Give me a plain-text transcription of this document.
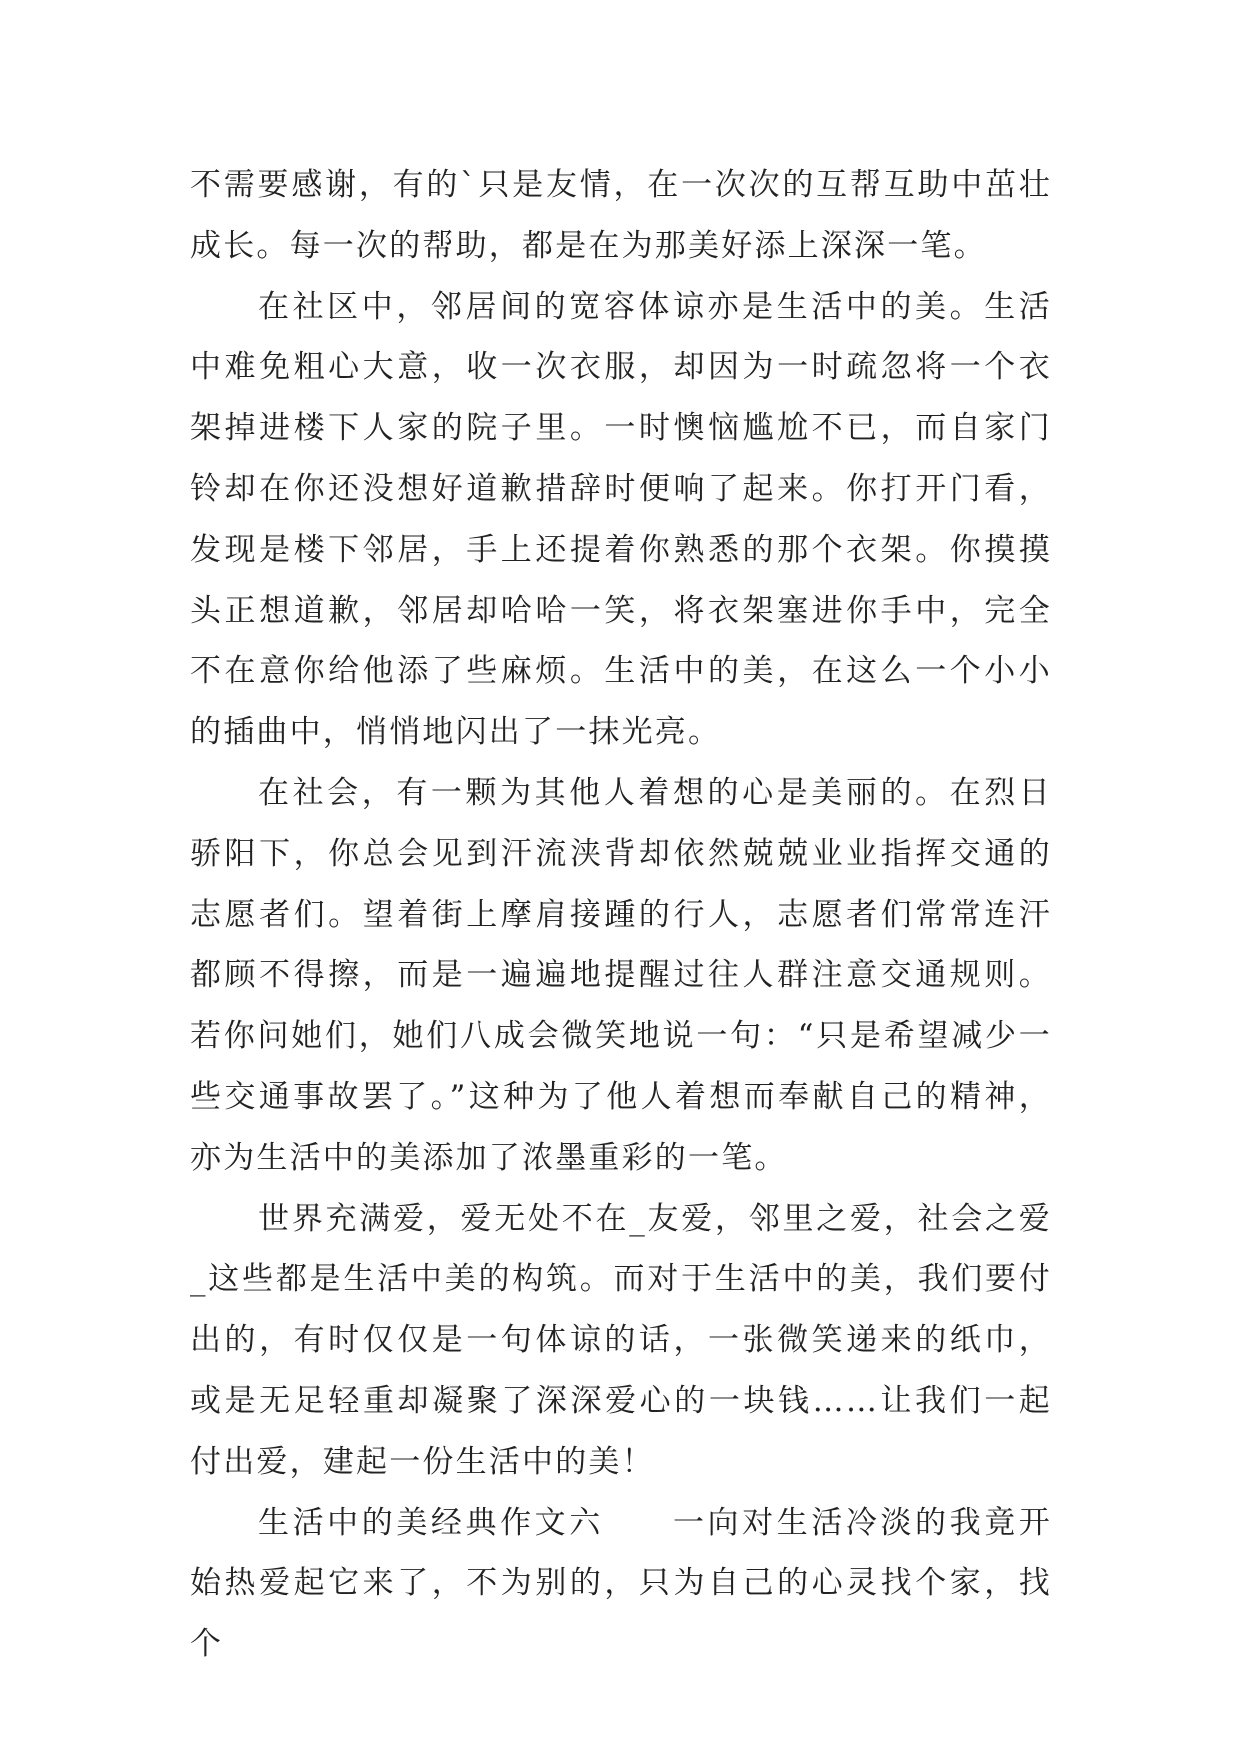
不需要感谢，有的`只是友情，在一次次的互帮互助中茁壮成长。每一次的帮助，都是在为那美好添上深深一笔。

在社区中，邻居间的宽容体谅亦是生活中的美。生活中难免粗心大意，收一次衣服，却因为一时疏忽将一个衣架掉进楼下人家的院子里。一时懊恼尴尬不已，而自家门铃却在你还没想好道歉措辞时便响了起来。你打开门看，发现是楼下邻居，手上还提着你熟悉的那个衣架。你摸摸头正想道歉，邻居却哈哈一笑，将衣架塞进你手中，完全不在意你给他添了些麻烦。生活中的美，在这么一个小小的插曲中，悄悄地闪出了一抹光亮。

在社会，有一颗为其他人着想的心是美丽的。在烈日骄阳下，你总会见到汗流浃背却依然兢兢业业指挥交通的志愿者们。望着街上摩肩接踵的行人，志愿者们常常连汗都顾不得擦，而是一遍遍地提醒过往人群注意交通规则。若你问她们，她们八成会微笑地说一句：“只是希望减少一些交通事故罢了。”这种为了他人着想而奉献自己的精神，亦为生活中的美添加了浓墨重彩的一笔。

世界充满爱，爱无处不在_友爱，邻里之爱，社会之爱_这些都是生活中美的构筑。而对于生活中的美，我们要付出的，有时仅仅是一句体谅的话，一张微笑递来的纸巾，或是无足轻重却凝聚了深深爱心的一块钱……让我们一起付出爱，建起一份生活中的美！

生活中的美经典作文六　　一向对生活冷淡的我竟开始热爱起它来了，不为别的，只为自己的心灵找个家，找个
